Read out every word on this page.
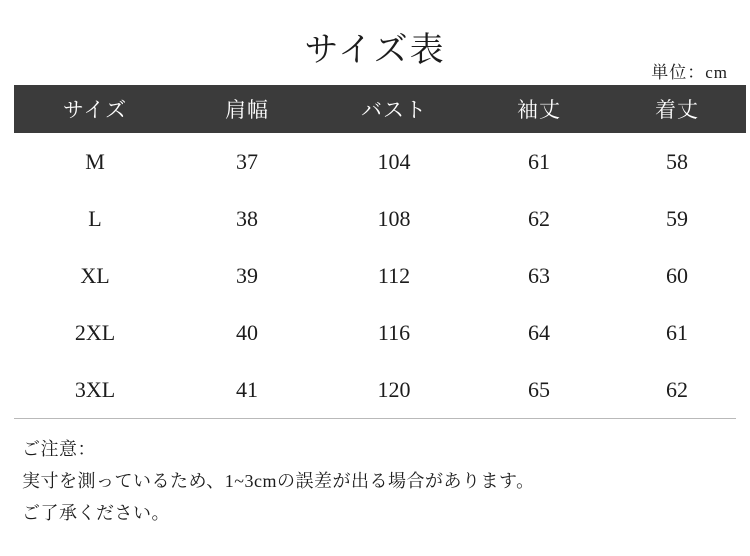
サイズ表
単位：cm
サイズ	肩幅	バスト	袖丈	着丈
M	37	104	61	58
L	38	108	62	59
XL	39	112	63	60
2XL	40	116	64	61
3XL	41	120	65	62
ご注意：
実寸を測っているため、1~3cmの誤差が出る場合があります。
ご了承ください。
